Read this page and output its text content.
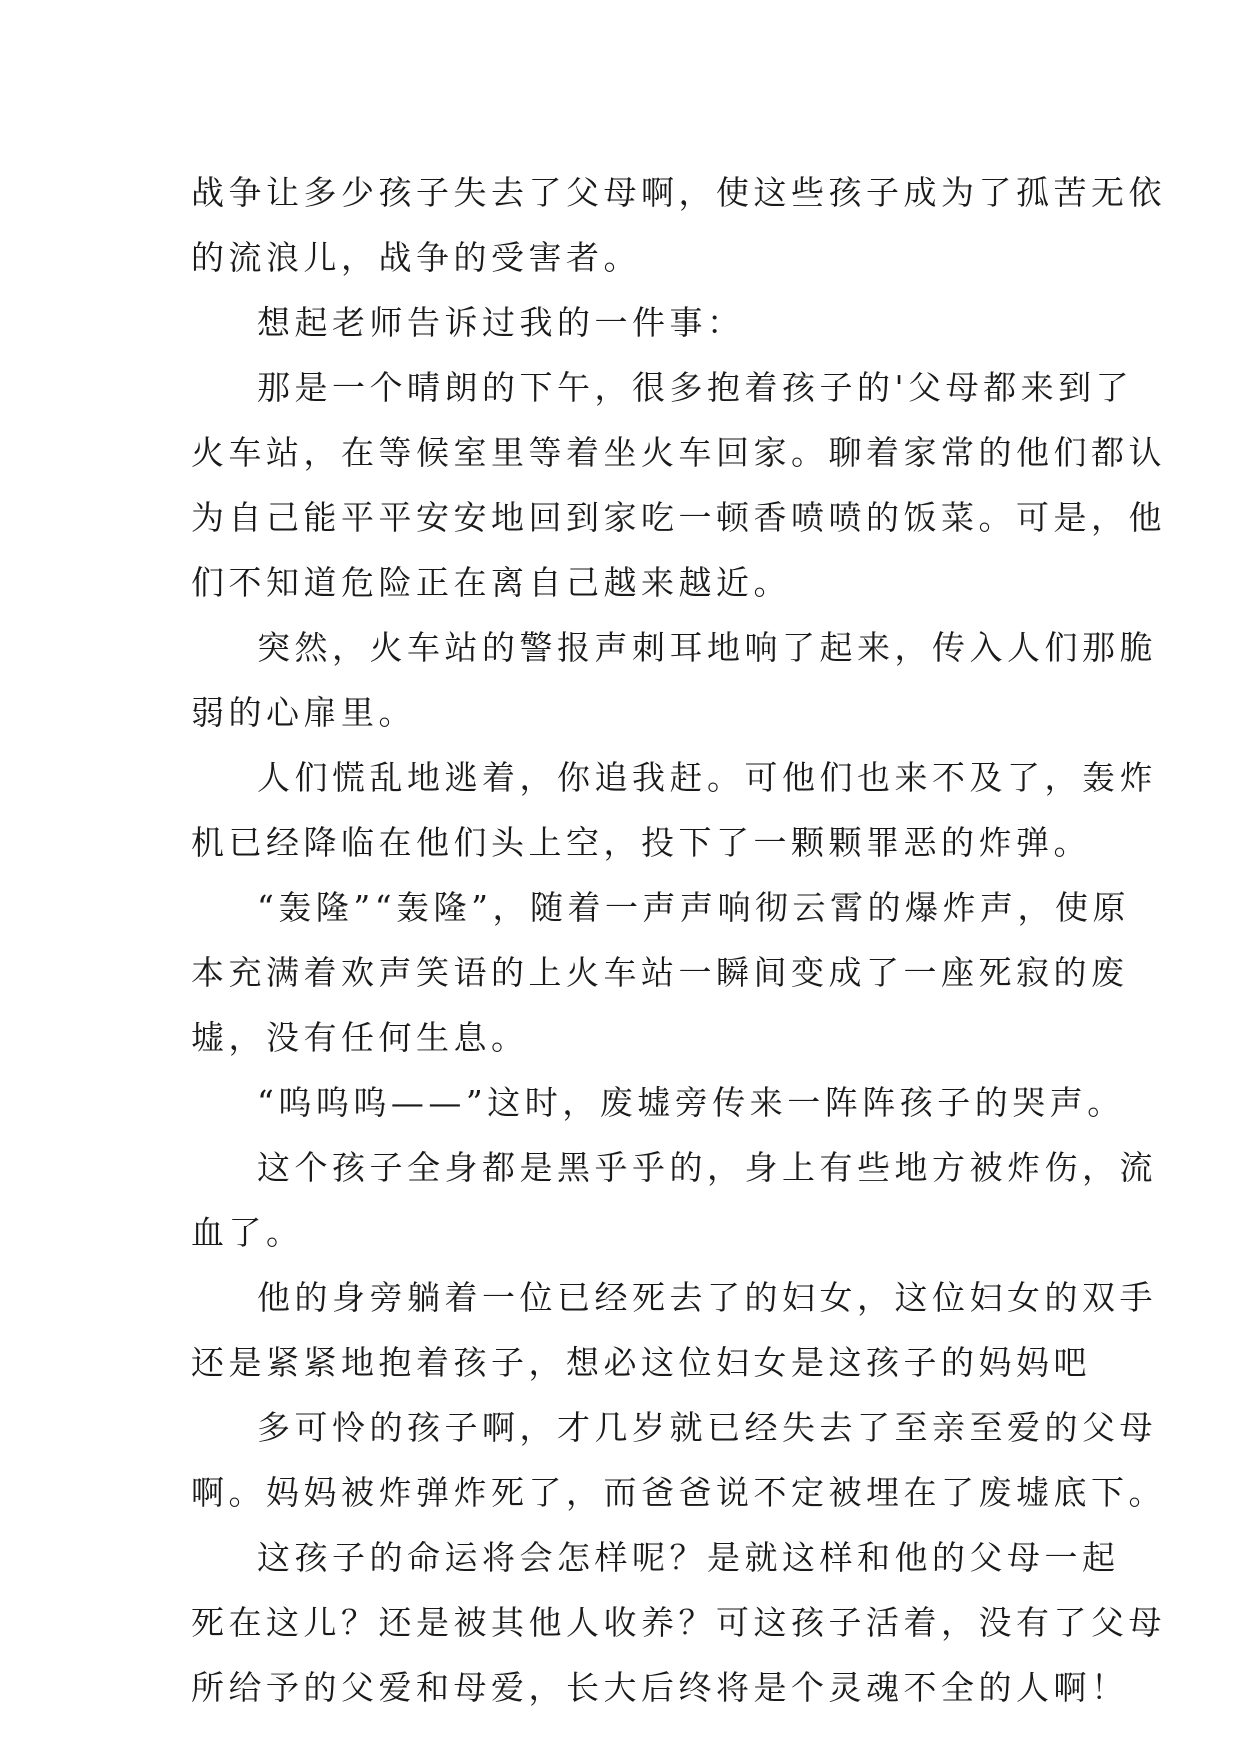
战争让多少孩子失去了父母啊，使这些孩子成为了孤苦无依
的流浪儿，战争的受害者。

想起老师告诉过我的一件事：

那是一个晴朗的下午，很多抱着孩子的'父母都来到了
火车站，在等候室里等着坐火车回家。聊着家常的他们都认
为自己能平平安安地回到家吃一顿香喷喷的饭菜。可是，他
们不知道危险正在离自己越来越近。

突然，火车站的警报声刺耳地响了起来，传入人们那脆
弱的心扉里。

人们慌乱地逃着，你追我赶。可他们也来不及了，轰炸
机已经降临在他们头上空，投下了一颗颗罪恶的炸弹。

“轰隆”“轰隆”，随着一声声响彻云霄的爆炸声，使原
本充满着欢声笑语的上火车站一瞬间变成了一座死寂的废
墟，没有任何生息。

“呜呜呜——”这时，废墟旁传来一阵阵孩子的哭声。

这个孩子全身都是黑乎乎的，身上有些地方被炸伤，流
血了。

他的身旁躺着一位已经死去了的妇女，这位妇女的双手
还是紧紧地抱着孩子，想必这位妇女是这孩子的妈妈吧

多可怜的孩子啊，才几岁就已经失去了至亲至爱的父母
啊。妈妈被炸弹炸死了，而爸爸说不定被埋在了废墟底下。

这孩子的命运将会怎样呢？是就这样和他的父母一起
死在这儿？还是被其他人收养？可这孩子活着，没有了父母
所给予的父爱和母爱，长大后终将是个灵魂不全的人啊！
